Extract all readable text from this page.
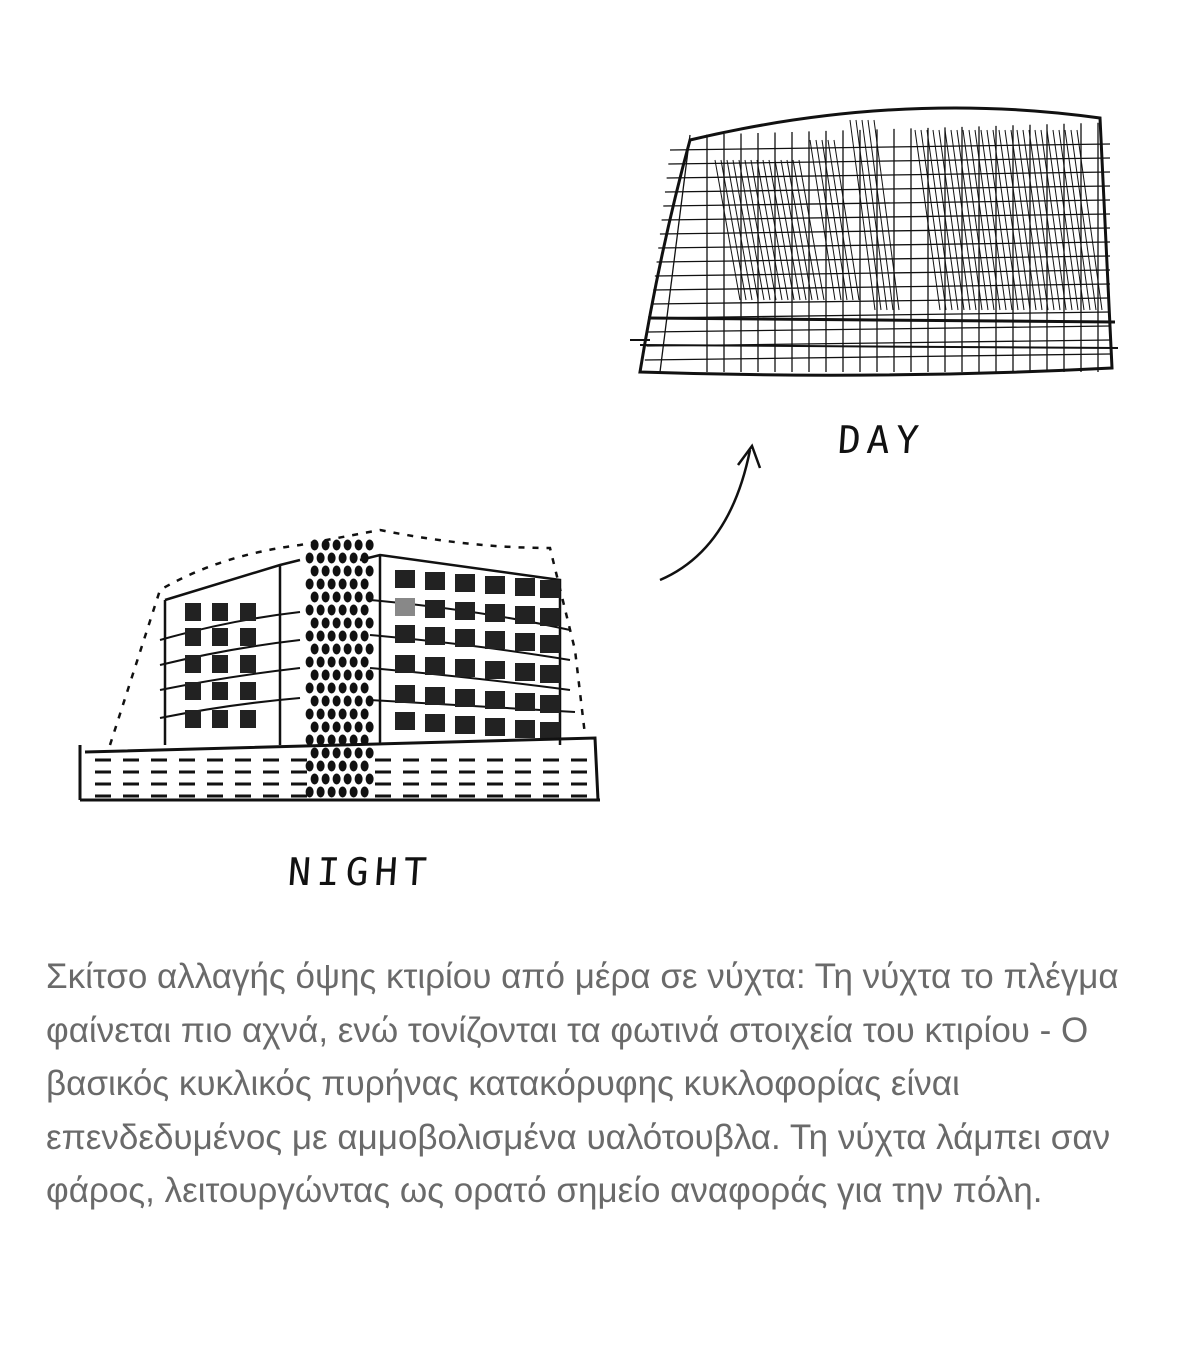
DAY
NIGHT

Σκίτσο αλλαγής όψης κτιρίου από μέρα σε νύχτα: Τη νύχτα το πλέγμα φαίνεται πιο αχνά, ενώ τονίζονται τα φωτινά στοιχεία του κτιρίου - Ο βασικός κυκλικός πυρήνας κατακόρυφης κυκλοφορίας είναι επενδεδυμένος με αμμοβολισμένα υαλότουβλα. Τη νύχτα λάμπει σαν φάρος, λειτουργώντας ως ορατό σημείο αναφοράς για την πόλη.
